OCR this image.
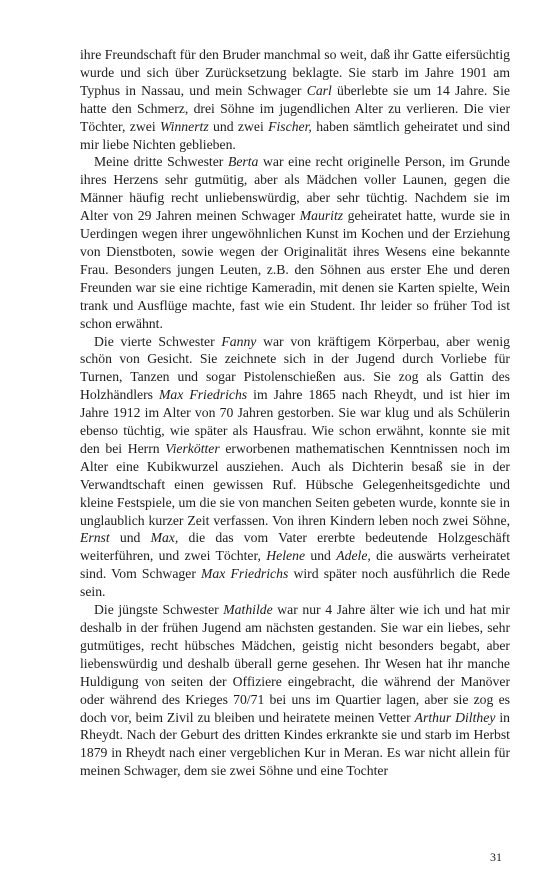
ihre Freundschaft für den Bruder manchmal so weit, daß ihr Gatte eifersüchtig wurde und sich über Zurücksetzung beklagte. Sie starb im Jahre 1901 am Typhus in Nassau, und mein Schwager Carl überlebte sie um 14 Jahre. Sie hatte den Schmerz, drei Söhne im jugendlichen Alter zu verlieren. Die vier Töchter, zwei Winnertz und zwei Fischer, haben sämtlich geheiratet und sind mir liebe Nichten geblieben.

Meine dritte Schwester Berta war eine recht originelle Person, im Grunde ihres Herzens sehr gutmütig, aber als Mädchen voller Launen, gegen die Männer häufig recht unliebenswürdig, aber sehr tüchtig. Nachdem sie im Alter von 29 Jahren meinen Schwager Mauritz geheiratet hatte, wurde sie in Uerdingen wegen ihrer ungewöhnlichen Kunst im Kochen und der Erziehung von Dienstboten, sowie wegen der Originalität ihres Wesens eine bekannte Frau. Besonders jungen Leuten, z.B. den Söhnen aus erster Ehe und deren Freunden war sie eine richtige Kameradin, mit denen sie Karten spielte, Wein trank und Ausflüge machte, fast wie ein Student. Ihr leider so früher Tod ist schon erwähnt.

Die vierte Schwester Fanny war von kräftigem Körperbau, aber wenig schön von Gesicht. Sie zeichnete sich in der Jugend durch Vorliebe für Turnen, Tanzen und sogar Pistolenschießen aus. Sie zog als Gattin des Holzhändlers Max Friedrichs im Jahre 1865 nach Rheydt, und ist hier im Jahre 1912 im Alter von 70 Jahren gestorben. Sie war klug und als Schülerin ebenso tüchtig, wie später als Hausfrau. Wie schon erwähnt, konnte sie mit den bei Herrn Vierkötter erworbenen mathematischen Kenntnissen noch im Alter eine Kubikwurzel ausziehen. Auch als Dichterin besaß sie in der Verwandtschaft einen gewissen Ruf. Hübsche Gelegenheitsgedichte und kleine Festspiele, um die sie von manchen Seiten gebeten wurde, konnte sie in unglaublich kurzer Zeit verfassen. Von ihren Kindern leben noch zwei Söhne, Ernst und Max, die das vom Vater ererbte bedeutende Holzgeschäft weiterführen, und zwei Töchter, Helene und Adele, die auswärts verheiratet sind. Vom Schwager Max Friedrichs wird später noch ausführlich die Rede sein.

Die jüngste Schwester Mathilde war nur 4 Jahre älter wie ich und hat mir deshalb in der frühen Jugend am nächsten gestanden. Sie war ein liebes, sehr gutmütiges, recht hübsches Mädchen, geistig nicht besonders begabt, aber liebenswürdig und deshalb überall gerne gesehen. Ihr Wesen hat ihr manche Huldigung von seiten der Offiziere eingebracht, die während der Manöver oder während des Krieges 70/71 bei uns im Quartier lagen, aber sie zog es doch vor, beim Zivil zu bleiben und heiratete meinen Vetter Arthur Dilthey in Rheydt. Nach der Geburt des dritten Kindes erkrankte sie und starb im Herbst 1879 in Rheydt nach einer vergeblichen Kur in Meran. Es war nicht allein für meinen Schwager, dem sie zwei Söhne und eine Tochter

31
